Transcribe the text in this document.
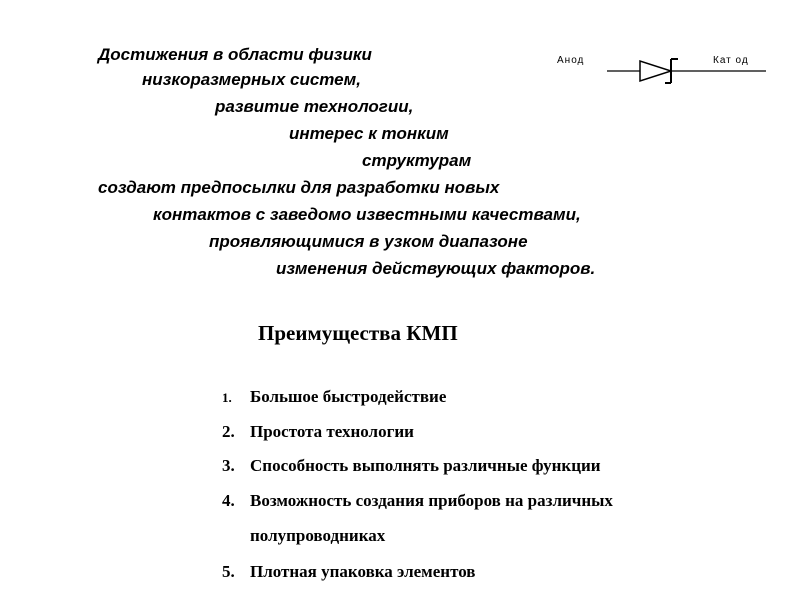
Достижения в области физики
низкоразмерных систем,
развитие технологии,
интерес к тонким
структурам
создают предпосылки для разработки новых
контактов с заведомо известными качествами,
проявляющимися в узком диапазоне
изменения действующих факторов.
Анод	Кат од
Преимущества КМП
1. Большое быстродействие
2. Простота технологии
3. Способность выполнять различные функции
4. Возможность создания приборов на различных
полупроводниках
5. Плотная упаковка элементов
